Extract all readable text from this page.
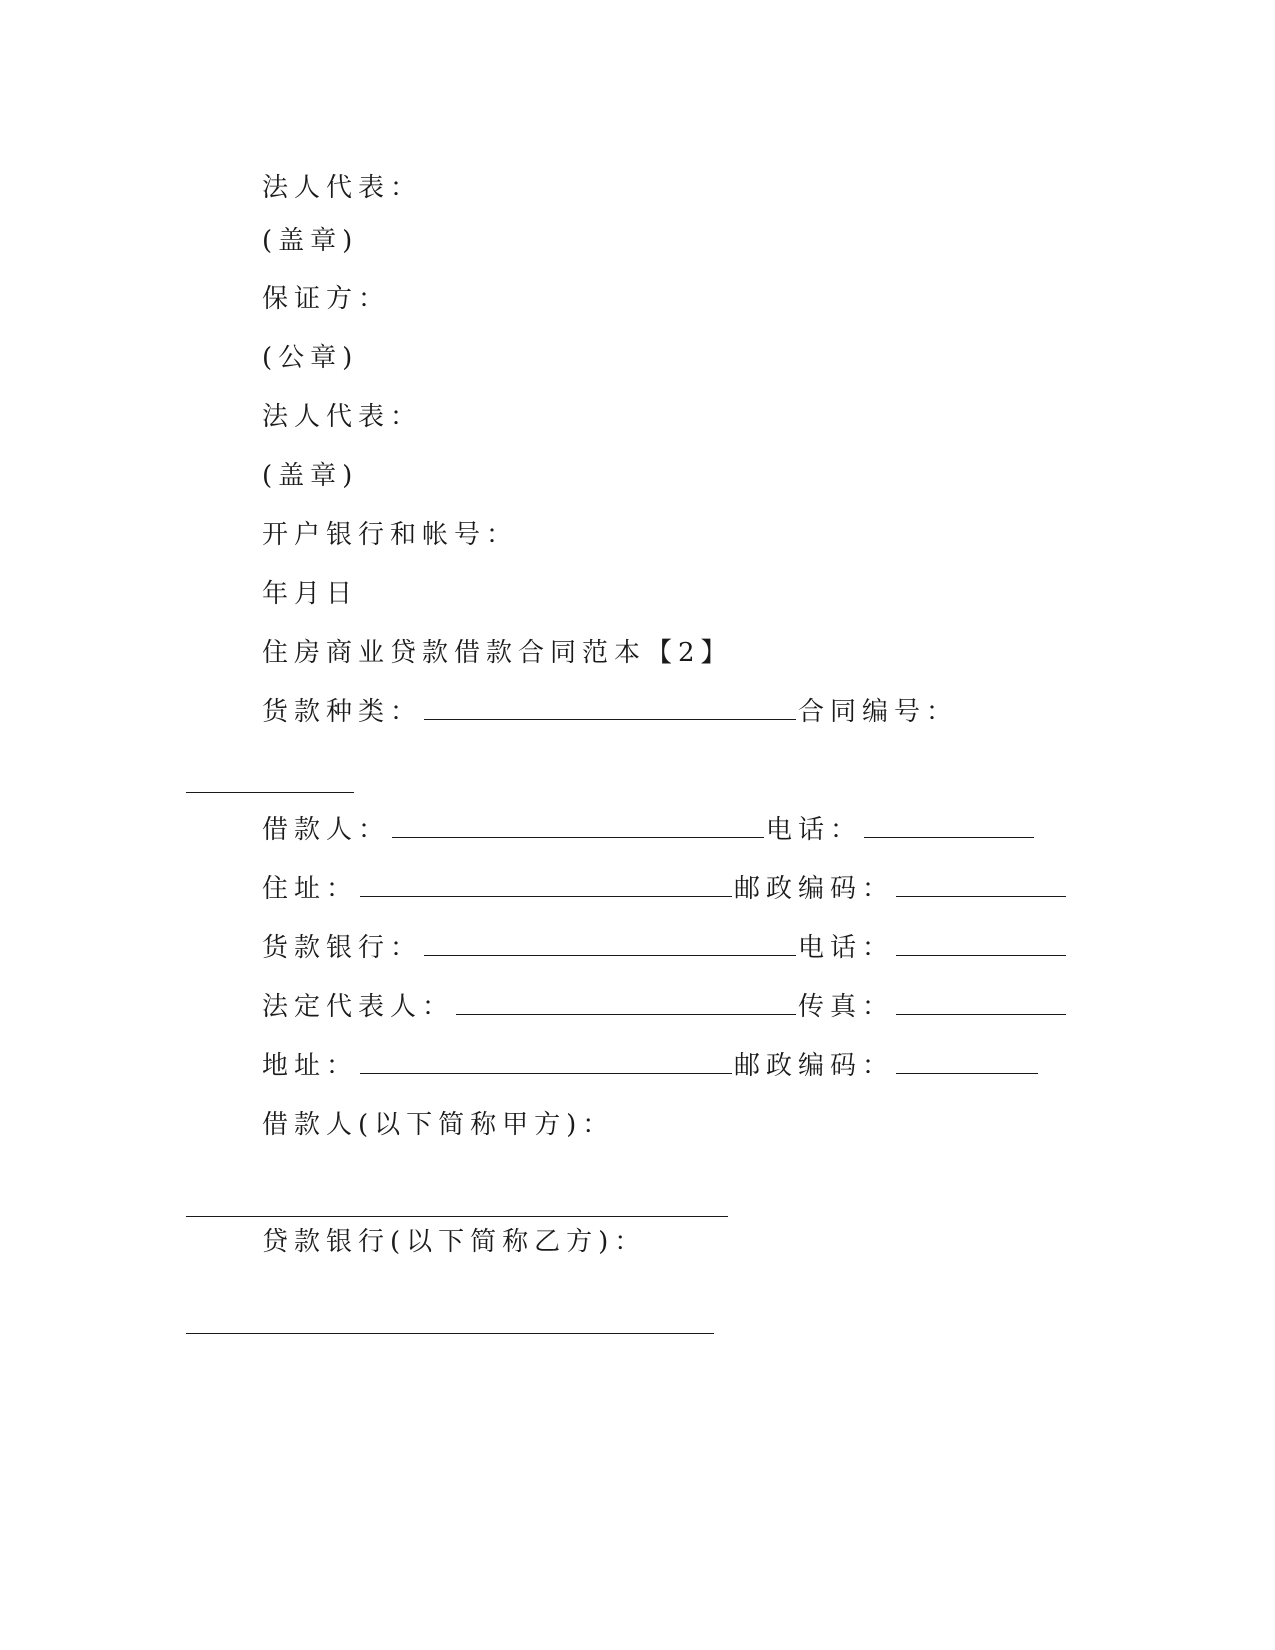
法人代表：
(盖章)
保证方：
(公章)
法人代表：
(盖章)
开户银行和帐号：
年月日
住房商业贷款借款合同范本【2】
货款种类：	合同编号：
借款人：	电话：
住址：	邮政编码：
货款银行：	电话：
法定代表人：	传真：
地址：	邮政编码：
借款人(以下简称甲方)：
贷款银行(以下简称乙方)：
